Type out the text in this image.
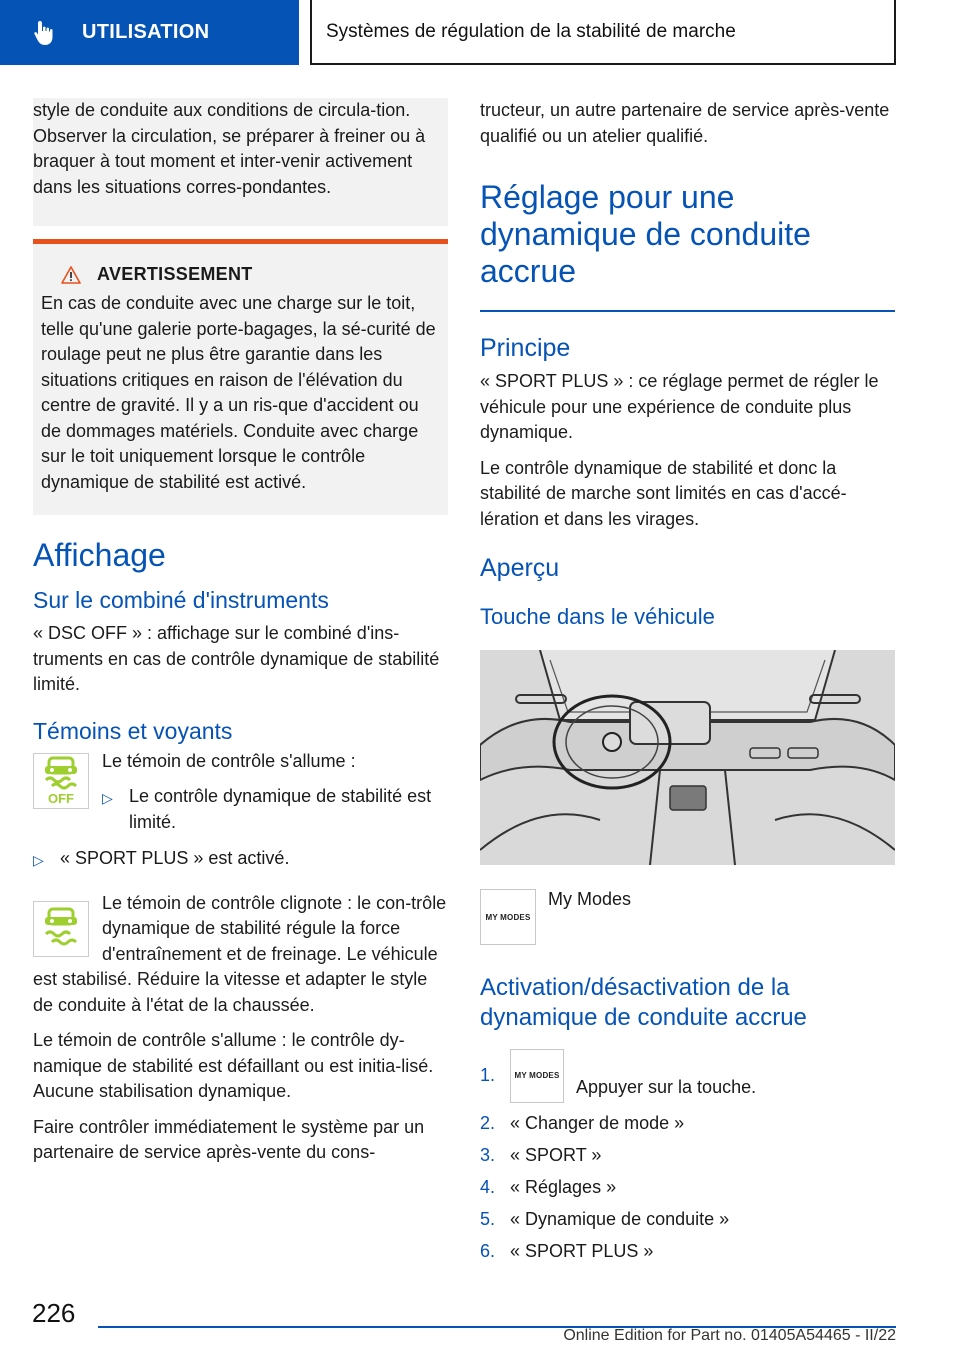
UTILISATION	Systèmes de régulation de la stabilité de marche

style de conduite aux conditions de circula-tion. Observer la circulation, se préparer à freiner ou à braquer à tout moment et inter-venir activement dans les situations corres-pondantes.

AVERTISSEMENT

En cas de conduite avec une charge sur le toit, telle qu'une galerie porte-bagages, la sé-curité de roulage peut ne plus être garantie dans les situations critiques en raison de l'élévation du centre de gravité. Il y a un ris-que d'accident ou de dommages matériels. Conduite avec charge sur le toit uniquement lorsque le contrôle dynamique de stabilité est activé.

Affichage
Sur le combiné d'instruments

« DSC OFF » : affichage sur le combiné d'ins-truments en cas de contrôle dynamique de stabilité limité.

Témoins et voyants
OFF

Le témoin de contrôle s'allume :

▷ Le contrôle dynamique de stabilité est limité.
▷ « SPORT PLUS » est activé.

Le témoin de contrôle clignote : le con-trôle dynamique de stabilité régule la force d'entraînement et de freinage. Le véhicule est stabilisé. Réduire la vitesse et adapter le style de conduite à l'état de la chaussée.

Le témoin de contrôle s'allume : le contrôle dy-namique de stabilité est défaillant ou est initia-lisé. Aucune stabilisation dynamique.

Faire contrôler immédiatement le système par un partenaire de service après-vente du cons-

tructeur, un autre partenaire de service après-vente qualifié ou un atelier qualifié.

Réglage pour une dynamique de conduite accrue
Principe

« SPORT PLUS » : ce réglage permet de régler le véhicule pour une expérience de conduite plus dynamique.

Le contrôle dynamique de stabilité et donc la stabilité de marche sont limités en cas d'accé-lération et dans les virages.

Aperçu
Touche dans le véhicule
MY MODES

My Modes

Activation/désactivation de la dynamique de conduite accrue
1.	MY MODES
Appuyer sur la touche.
2. « Changer de mode »
3. « SPORT »
4. « Réglages »
5. « Dynamique de conduite »
6. « SPORT PLUS »
226
Online Edition for Part no. 01405A54465 - II/22
